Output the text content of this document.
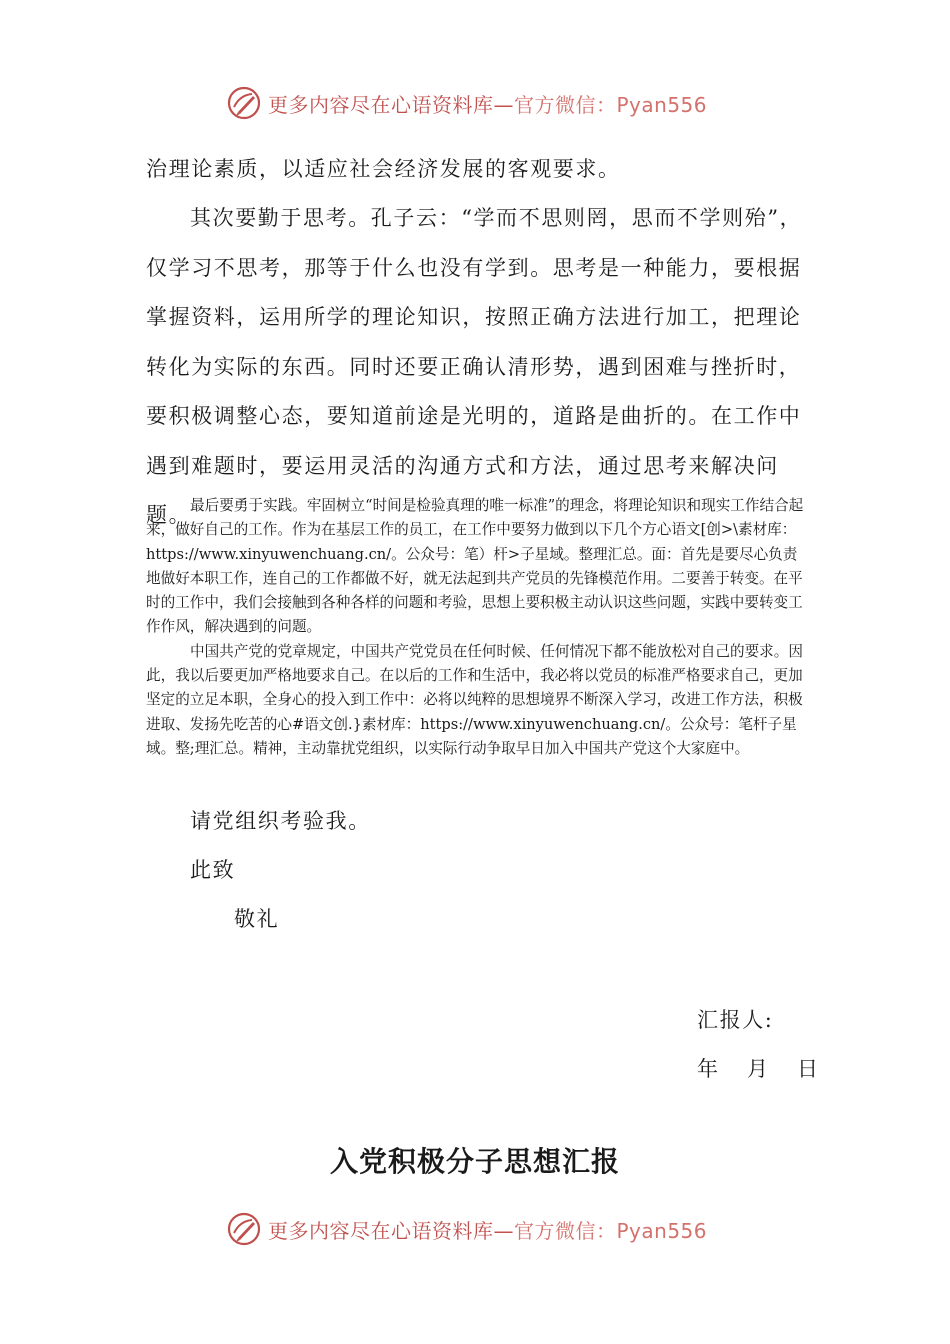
更多内容尽在心语资料库—官方微信：Pyan556

治理论素质，以适应社会经济发展的客观要求。

其次要勤于思考。孔子云：“学而不思则罔，思而不学则殆”，仅学习不思考，那等于什么也没有学到。思考是一种能力，要根据掌握资料，运用所学的理论知识，按照正确方法进行加工，把理论转化为实际的东西。同时还要正确认清形势，遇到困难与挫折时，要积极调整心态，要知道前途是光明的，道路是曲折的。在工作中遇到难题时，要运用灵活的沟通方式和方法，通过思考来解决问题。

最后要勇于实践。牢固树立“时间是检验真理的唯一标准”的理念，将理论知识和现实工作结合起来，做好自己的工作。作为在基层工作的员工，在工作中要努力做到以下几个方心语文[创>\素材库：https://www.xinyuwenchuang.cn/。公众号：笔）杆>子星域。整理汇总。面：首先是要尽心负责地做好本职工作，连自己的工作都做不好，就无法起到共产党员的先锋模范作用。二要善于转变。在平时的工作中，我们会接触到各种各样的问题和考验，思想上要积极主动认识这些问题，实践中要转变工作作风，解决遇到的问题。

中国共产党的党章规定，中国共产党党员在任何时候、任何情况下都不能放松对自己的要求。因此，我以后要更加严格地要求自己。在以后的工作和生活中，我必将以党员的标准严格要求自己，更加坚定的立足本职，全身心的投入到工作中：必将以纯粹的思想境界不断深入学习，改进工作方法，积极进取、发扬先吃苦的心#语文创.}素材库：https://www.xinyuwenchuang.cn/。公众号：笔杆子星域。整;理汇总。精神，主动靠扰党组织，以实际行动争取早日加入中国共产党这个大家庭中。

请党组织考验我。

此致

敬礼

汇报人:

年　月　日

入党积极分子思想汇报
更多内容尽在心语资料库—官方微信：Pyan556
